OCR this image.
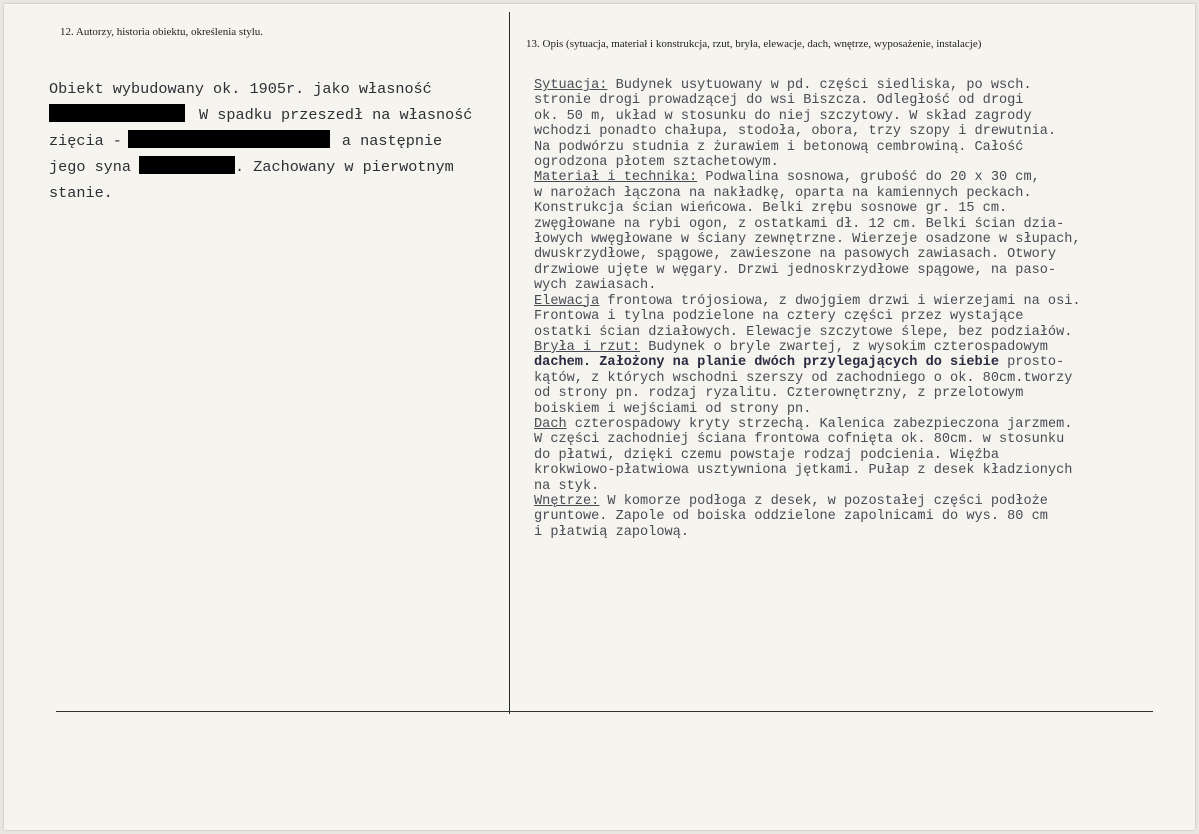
12. Autorzy, historia obiektu, określenia stylu.
13. Opis (sytuacja, materiał i konstrukcja, rzut, bryła, elewacje, dach, wnętrze, wyposażenie, instalacje)
Obiekt wybudowany ok. 1905r. jako własność
W spadku przeszedł na własność
zięcia -	a następnie
jego syna	. Zachowany w pierwotnym
stanie.
Sytuacja: Budynek usytuowany w pd. części siedliska, po wsch.
stronie drogi prowadzącej do wsi Biszcza. Odległość od drogi
ok. 50 m, układ w stosunku do niej szczytowy. W skład zagrody
wchodzi ponadto chałupa, stodoła, obora, trzy szopy i drewutnia.
Na podwórzu studnia z żurawiem i betonową cembrowiną. Całość
ogrodzona płotem sztachetowym.
Materiał i technika: Podwalina sosnowa, grubość do 20 x 30 cm,
w narożach łączona na nakładkę, oparta na kamiennych peckach.
Konstrukcja ścian wieńcowa. Belki zrębu sosnowe gr. 15 cm.
zwęgłowane na rybi ogon, z ostatkami dł. 12 cm. Belki ścian dzia-
łowych wwęgłowane w ściany zewnętrzne. Wierzeje osadzone w słupach,
dwuskrzydłowe, spągowe, zawieszone na pasowych zawiasach. Otwory
drzwiowe ujęte w węgary. Drzwi jednoskrzydłowe spągowe, na paso-
wych zawiasach.
Elewacja frontowa trójosiowa, z dwojgiem drzwi i wierzejami na osi.
Frontowa i tylna podzielone na cztery części przez wystające
ostatki ścian działowych. Elewacje szczytowe ślepe, bez podziałów.
Bryła i rzut: Budynek o bryle zwartej, z wysokim czterospadowym
dachem. Założony na planie dwóch przylegających do siebie prosto-
kątów, z których wschodni szerszy od zachodniego o ok. 80cm.tworzy
od strony pn. rodzaj ryzalitu. Czterownętrzny, z przelotowym
boiskiem i wejściami od strony pn.
Dach czterospadowy kryty strzechą. Kalenica zabezpieczona jarzmem.
W części zachodniej ściana frontowa cofnięta ok. 80cm. w stosunku
do płatwi, dzięki czemu powstaje rodzaj podcienia. Więźba
krokwiowo-płatwiowa usztywniona jętkami. Pułap z desek kładzionych
na styk.
Wnętrze: W komorze podłoga z desek, w pozostałej części podłoże
gruntowe. Zapole od boiska oddzielone zapolnicami do wys. 80 cm
i płatwią zapolową.
